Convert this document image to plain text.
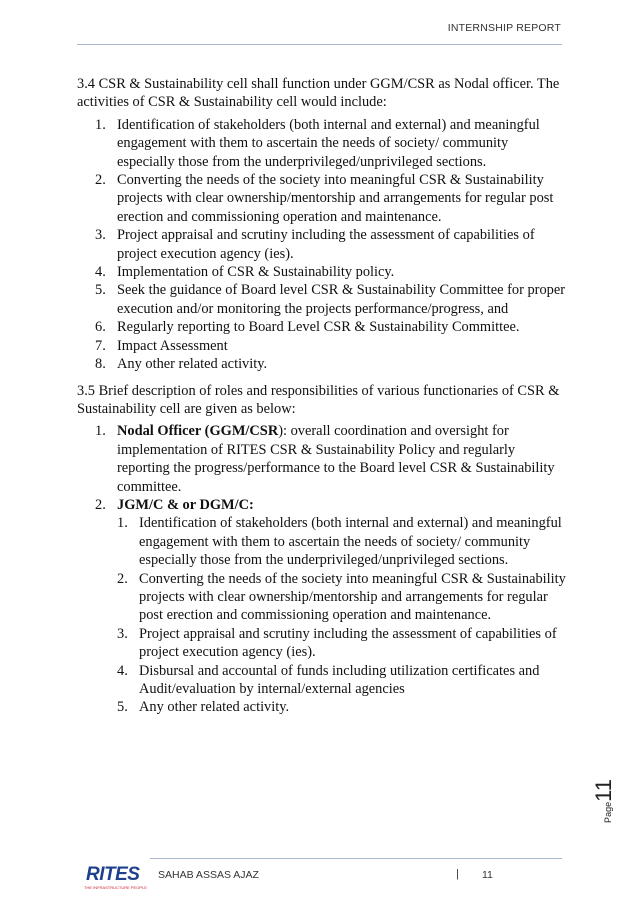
INTERNSHIP REPORT

3.4 CSR & Sustainability cell shall function under GGM/CSR as Nodal officer. The activities of CSR & Sustainability cell would include:

1. Identification of stakeholders (both internal and external) and meaningful engagement with them to ascertain the needs of society/ community especially those from the underprivileged/unprivileged sections.
2. Converting the needs of the society into meaningful CSR & Sustainability projects with clear ownership/mentorship and arrangements for regular post erection and commissioning operation and maintenance.
3. Project appraisal and scrutiny including the assessment of capabilities of project execution agency (ies).
4. Implementation of CSR & Sustainability policy.
5. Seek the guidance of Board level CSR & Sustainability Committee for proper execution and/or monitoring the projects performance/progress, and
6. Regularly reporting to Board Level CSR & Sustainability Committee.
7. Impact Assessment
8. Any other related activity.

3.5 Brief description of roles and responsibilities of various functionaries of CSR & Sustainability cell are given as below:

1. Nodal Officer (GGM/CSR): overall coordination and oversight for implementation of RITES CSR & Sustainability Policy and regularly reporting the progress/performance to the Board level CSR & Sustainability committee.
2. JGM/C & or DGM/C:
1. Identification of stakeholders (both internal and external) and meaningful engagement with them to ascertain the needs of society/ community especially those from the underprivileged/unprivileged sections.
2. Converting the needs of the society into meaningful CSR & Sustainability projects with clear ownership/mentorship and arrangements for regular post erection and commissioning operation and maintenance.
3. Project appraisal and scrutiny including the assessment of capabilities of project execution agency (ies).
4. Disbursal and accountal of funds including utilization certificates and Audit/evaluation by internal/external agencies
5. Any other related activity.
Page11
RITES
THE INFRASTRUCTURE PEOPLE
SAHAB ASSAS AJAZ	| 11
